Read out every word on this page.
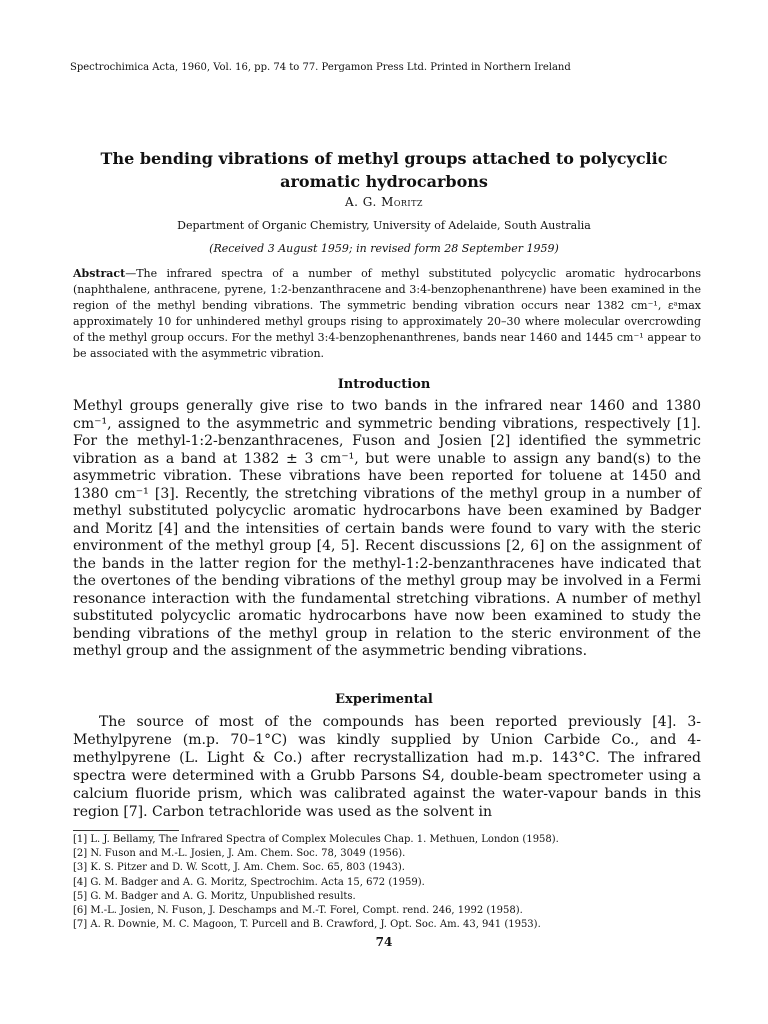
Spectrochimica Acta, 1960, Vol. 16, pp. 74 to 77. Pergamon Press Ltd. Printed in Northern Ireland
The bending vibrations of methyl groups attached to polycyclic aromatic hydrocarbons
A. G. Moritz
Department of Organic Chemistry, University of Adelaide, South Australia
(Received 3 August 1959; in revised form 28 September 1959)
Abstract—The infrared spectra of a number of methyl substituted polycyclic aromatic hydrocarbons (naphthalene, anthracene, pyrene, 1:2-benzanthracene and 3:4-benzophenanthrene) have been examined in the region of the methyl bending vibrations. The symmetric bending vibration occurs near 1382 cm⁻¹, εᵃmax approximately 10 for unhindered methyl groups rising to approximately 20–30 where molecular overcrowding of the methyl group occurs. For the methyl 3:4-benzophenanthrenes, bands near 1460 and 1445 cm⁻¹ appear to be associated with the asymmetric vibration.
Introduction
Methyl groups generally give rise to two bands in the infrared near 1460 and 1380 cm⁻¹, assigned to the asymmetric and symmetric bending vibrations, respectively [1]. For the methyl-1:2-benzanthracenes, Fuson and Josien [2] identified the symmetric vibration as a band at 1382 ± 3 cm⁻¹, but were unable to assign any band(s) to the asymmetric vibration. These vibrations have been reported for toluene at 1450 and 1380 cm⁻¹ [3]. Recently, the stretching vibrations of the methyl group in a number of methyl substituted polycyclic aromatic hydrocarbons have been examined by Badger and Moritz [4] and the intensities of certain bands were found to vary with the steric environment of the methyl group [4, 5]. Recent discussions [2, 6] on the assignment of the bands in the latter region for the methyl-1:2-benzanthracenes have indicated that the overtones of the bending vibrations of the methyl group may be involved in a Fermi resonance interaction with the fundamental stretching vibrations. A number of methyl substituted polycyclic aromatic hydrocarbons have now been examined to study the bending vibrations of the methyl group in relation to the steric environment of the methyl group and the assignment of the asymmetric bending vibrations.
Experimental
The source of most of the compounds has been reported previously [4]. 3-Methylpyrene (m.p. 70–1°C) was kindly supplied by Union Carbide Co., and 4-methylpyrene (L. Light & Co.) after recrystallization had m.p. 143°C. The infrared spectra were determined with a Grubb Parsons S4, double-beam spectrometer using a calcium fluoride prism, which was calibrated against the water-vapour bands in this region [7]. Carbon tetrachloride was used as the solvent in
[1] L. J. Bellamy, The Infrared Spectra of Complex Molecules Chap. 1. Methuen, London (1958).
[2] N. Fuson and M.-L. Josien, J. Am. Chem. Soc. 78, 3049 (1956).
[3] K. S. Pitzer and D. W. Scott, J. Am. Chem. Soc. 65, 803 (1943).
[4] G. M. Badger and A. G. Moritz, Spectrochim. Acta 15, 672 (1959).
[5] G. M. Badger and A. G. Moritz, Unpublished results.
[6] M.-L. Josien, N. Fuson, J. Deschamps and M.-T. Forel, Compt. rend. 246, 1992 (1958).
[7] A. R. Downie, M. C. Magoon, T. Purcell and B. Crawford, J. Opt. Soc. Am. 43, 941 (1953).
74
